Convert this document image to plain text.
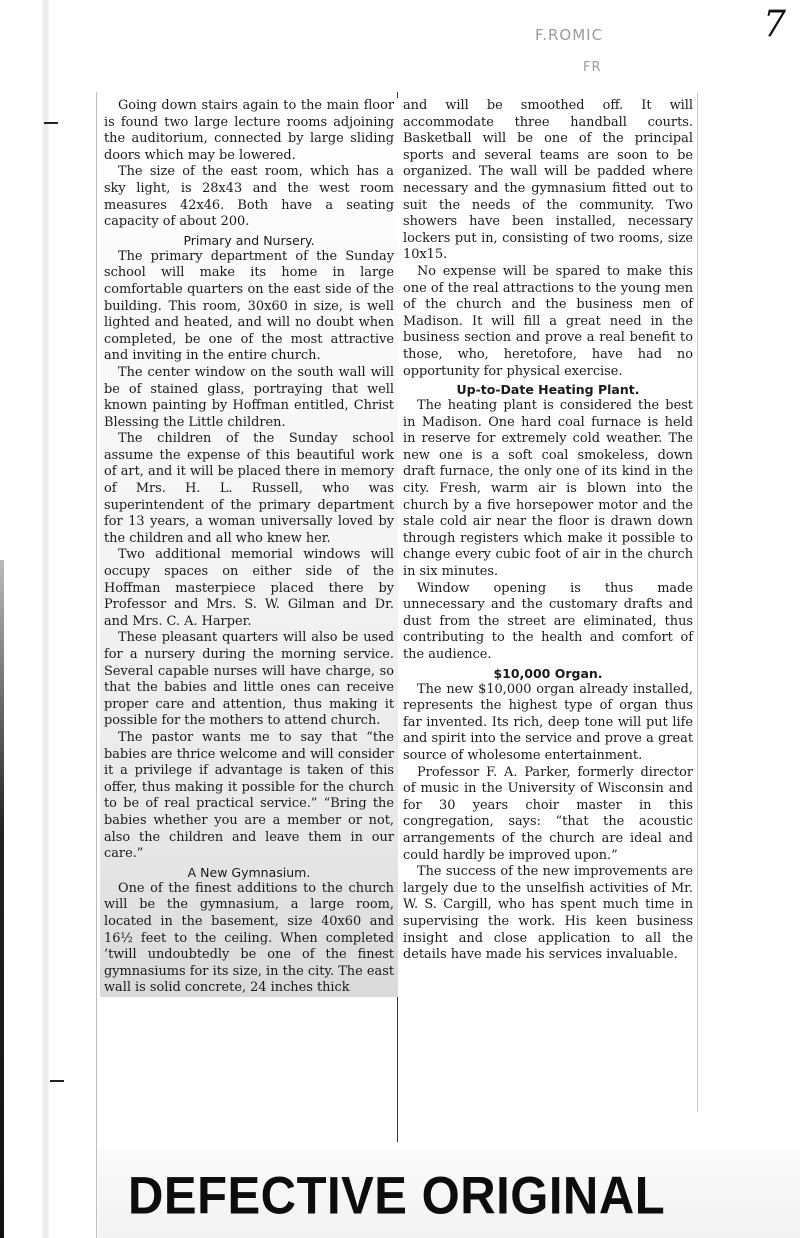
F.ROMIC
FR
7

Going down stairs again to the main floor is found two large lecture rooms adjoining the auditorium, connected by large sliding doors which may be lowered.

The size of the east room, which has a sky light, is 28x43 and the west room measures 42x46. Both have a seating capacity of about 200.

Primary and Nursery.

The primary department of the Sunday school will make its home in large comfortable quarters on the east side of the building. This room, 30x60 in size, is well lighted and heated, and will no doubt when completed, be one of the most attractive and inviting in the entire church.

The center window on the south wall will be of stained glass, portraying that well known painting by Hoffman entitled, Christ Blessing the Little children.

The children of the Sunday school assume the expense of this beautiful work of art, and it will be placed there in memory of Mrs. H. L. Russell, who was superintendent of the primary department for 13 years, a woman universally loved by the children and all who knew her.

Two additional memorial windows will occupy spaces on either side of the Hoffman masterpiece placed there by Professor and Mrs. S. W. Gilman and Dr. and Mrs. C. A. Harper.

These pleasant quarters will also be used for a nursery during the morning service. Several capable nurses will have charge, so that the babies and little ones can receive proper care and attention, thus making it possible for the mothers to attend church.

The pastor wants me to say that “the babies are thrice welcome and will consider it a privilege if advantage is taken of this offer, thus making it possible for the church to be of real practical service.” “Bring the babies whether you are a member or not, also the children and leave them in our care.”

A New Gymnasium.

One of the finest additions to the church will be the gymnasium, a large room, located in the basement, size 40x60 and 16½ feet to the ceiling. When completed ’twill undoubtedly be one of the finest gymnasiums for its size, in the city. The east wall is solid concrete, 24 inches thick

and will be smoothed off. It will accommodate three handball courts. Basketball will be one of the principal sports and several teams are soon to be organized. The wall will be padded where necessary and the gymnasium fitted out to suit the needs of the community. Two showers have been installed, necessary lockers put in, consisting of two rooms, size 10x15.

No expense will be spared to make this one of the real attractions to the young men of the church and the business men of Madison. It will fill a great need in the business section and prove a real benefit to those, who, heretofore, have had no opportunity for physical exercise.

Up-to-Date Heating Plant.

The heating plant is considered the best in Madison. One hard coal furnace is held in reserve for extremely cold weather. The new one is a soft coal smokeless, down draft furnace, the only one of its kind in the city. Fresh, warm air is blown into the church by a five horsepower motor and the stale cold air near the floor is drawn down through registers which make it possible to change every cubic foot of air in the church in six minutes.

Window opening is thus made unnecessary and the customary drafts and dust from the street are eliminated, thus contributing to the health and comfort of the audience.

$10,000 Organ.

The new $10,000 organ already installed, represents the highest type of organ thus far invented. Its rich, deep tone will put life and spirit into the service and prove a great source of wholesome entertainment.

Professor F. A. Parker, formerly director of music in the University of Wisconsin and for 30 years choir master in this congregation, says: “that the acoustic arrangements of the church are ideal and could hardly be improved upon.”

The success of the new improvements are largely due to the unselfish activities of Mr. W. S. Cargill, who has spent much time in supervising the work. His keen business insight and close application to all the details have made his services invaluable.

DEFECTIVE ORIGINAL
